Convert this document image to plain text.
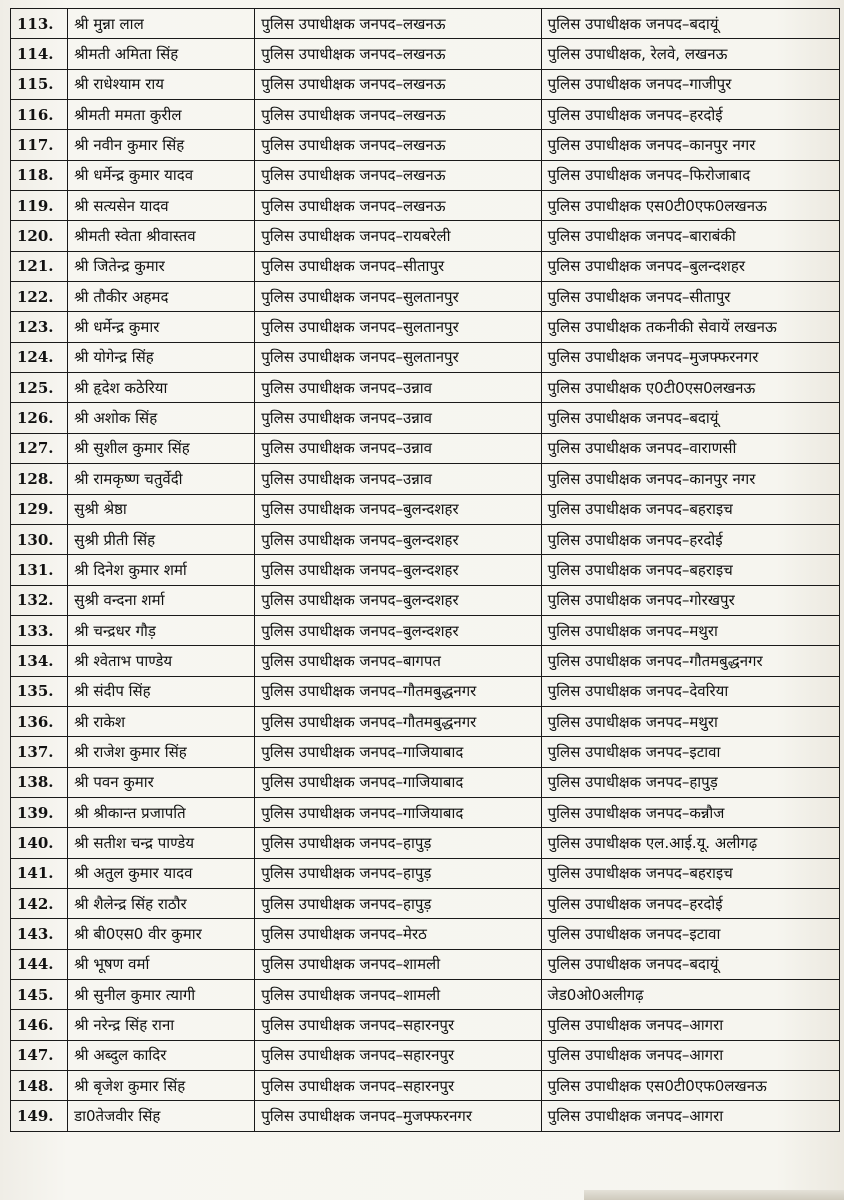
113.	श्री मुन्ना लाल	पुलिस उपाधीक्षक जनपद–लखनऊ	पुलिस उपाधीक्षक जनपद–बदायूं
114.	श्रीमती अमिता सिंह	पुलिस उपाधीक्षक जनपद–लखनऊ	पुलिस उपाधीक्षक, रेलवे, लखनऊ
115.	श्री राधेश्याम राय	पुलिस उपाधीक्षक जनपद–लखनऊ	पुलिस उपाधीक्षक जनपद–गाजीपुर
116.	श्रीमती ममता कुरील	पुलिस उपाधीक्षक जनपद–लखनऊ	पुलिस उपाधीक्षक जनपद–हरदोई
117.	श्री नवीन कुमार सिंह	पुलिस उपाधीक्षक जनपद–लखनऊ	पुलिस उपाधीक्षक जनपद–कानपुर नगर
118.	श्री धर्मेन्द्र कुमार यादव	पुलिस उपाधीक्षक जनपद–लखनऊ	पुलिस उपाधीक्षक जनपद–फिरोजाबाद
119.	श्री सत्यसेन यादव	पुलिस उपाधीक्षक जनपद–लखनऊ	पुलिस उपाधीक्षक एस0टी0एफ0लखनऊ
120.	श्रीमती स्वेता श्रीवास्तव	पुलिस उपाधीक्षक जनपद–रायबरेली	पुलिस उपाधीक्षक जनपद–बाराबंकी
121.	श्री जितेन्द्र कुमार	पुलिस उपाधीक्षक जनपद–सीतापुर	पुलिस उपाधीक्षक जनपद–बुलन्दशहर
122.	श्री तौकीर अहमद	पुलिस उपाधीक्षक जनपद–सुलतानपुर	पुलिस उपाधीक्षक जनपद–सीतापुर
123.	श्री धर्मेन्द्र कुमार	पुलिस उपाधीक्षक जनपद–सुलतानपुर	पुलिस उपाधीक्षक तकनीकी सेवायें लखनऊ
124.	श्री योगेन्द्र सिंह	पुलिस उपाधीक्षक जनपद–सुलतानपुर	पुलिस उपाधीक्षक जनपद–मुजफ्फरनगर
125.	श्री हृदेश कठेरिया	पुलिस उपाधीक्षक जनपद–उन्नाव	पुलिस उपाधीक्षक ए0टी0एस0लखनऊ
126.	श्री अशोक सिंह	पुलिस उपाधीक्षक जनपद–उन्नाव	पुलिस उपाधीक्षक जनपद–बदायूं
127.	श्री सुशील कुमार सिंह	पुलिस उपाधीक्षक जनपद–उन्नाव	पुलिस उपाधीक्षक जनपद–वाराणसी
128.	श्री रामकृष्ण चतुर्वेदी	पुलिस उपाधीक्षक जनपद–उन्नाव	पुलिस उपाधीक्षक जनपद–कानपुर नगर
129.	सुश्री श्रेष्ठा	पुलिस उपाधीक्षक जनपद–बुलन्दशहर	पुलिस उपाधीक्षक जनपद–बहराइच
130.	सुश्री प्रीती सिंह	पुलिस उपाधीक्षक जनपद–बुलन्दशहर	पुलिस उपाधीक्षक जनपद–हरदोई
131.	श्री दिनेश कुमार शर्मा	पुलिस उपाधीक्षक जनपद–बुलन्दशहर	पुलिस उपाधीक्षक जनपद–बहराइच
132.	सुश्री वन्दना शर्मा	पुलिस उपाधीक्षक जनपद–बुलन्दशहर	पुलिस उपाधीक्षक जनपद–गोरखपुर
133.	श्री चन्द्रधर गौड़	पुलिस उपाधीक्षक जनपद–बुलन्दशहर	पुलिस उपाधीक्षक जनपद–मथुरा
134.	श्री श्वेताभ पाण्डेय	पुलिस उपाधीक्षक जनपद–बागपत	पुलिस उपाधीक्षक जनपद–गौतमबुद्धनगर
135.	श्री संदीप सिंह	पुलिस उपाधीक्षक जनपद–गौतमबुद्धनगर	पुलिस उपाधीक्षक जनपद–देवरिया
136.	श्री राकेश	पुलिस उपाधीक्षक जनपद–गौतमबुद्धनगर	पुलिस उपाधीक्षक जनपद–मथुरा
137.	श्री राजेश कुमार सिंह	पुलिस उपाधीक्षक जनपद–गाजियाबाद	पुलिस उपाधीक्षक जनपद–इटावा
138.	श्री पवन कुमार	पुलिस उपाधीक्षक जनपद–गाजियाबाद	पुलिस उपाधीक्षक जनपद–हापुड़
139.	श्री श्रीकान्त प्रजापति	पुलिस उपाधीक्षक जनपद–गाजियाबाद	पुलिस उपाधीक्षक जनपद–कन्नौज
140.	श्री सतीश चन्द्र पाण्डेय	पुलिस उपाधीक्षक जनपद–हापुड़	पुलिस उपाधीक्षक एल.आई.यू. अलीगढ़
141.	श्री अतुल कुमार यादव	पुलिस उपाधीक्षक जनपद–हापुड़	पुलिस उपाधीक्षक जनपद–बहराइच
142.	श्री शैलेन्द्र सिंह राठौर	पुलिस उपाधीक्षक जनपद–हापुड़	पुलिस उपाधीक्षक जनपद–हरदोई
143.	श्री बी0एस0 वीर कुमार	पुलिस उपाधीक्षक जनपद–मेरठ	पुलिस उपाधीक्षक जनपद–इटावा
144.	श्री भूषण वर्मा	पुलिस उपाधीक्षक जनपद–शामली	पुलिस उपाधीक्षक जनपद–बदायूं
145.	श्री सुनील कुमार त्यागी	पुलिस उपाधीक्षक जनपद–शामली	जेड0ओ0अलीगढ़
146.	श्री नरेन्द्र सिंह राना	पुलिस उपाधीक्षक जनपद–सहारनपुर	पुलिस उपाधीक्षक जनपद–आगरा
147.	श्री अब्दुल कादिर	पुलिस उपाधीक्षक जनपद–सहारनपुर	पुलिस उपाधीक्षक जनपद–आगरा
148.	श्री बृजेश कुमार सिंह	पुलिस उपाधीक्षक जनपद–सहारनपुर	पुलिस उपाधीक्षक एस0टी0एफ0लखनऊ
149.	डा0तेजवीर सिंह	पुलिस उपाधीक्षक जनपद–मुजफ्फरनगर	पुलिस उपाधीक्षक जनपद–आगरा
